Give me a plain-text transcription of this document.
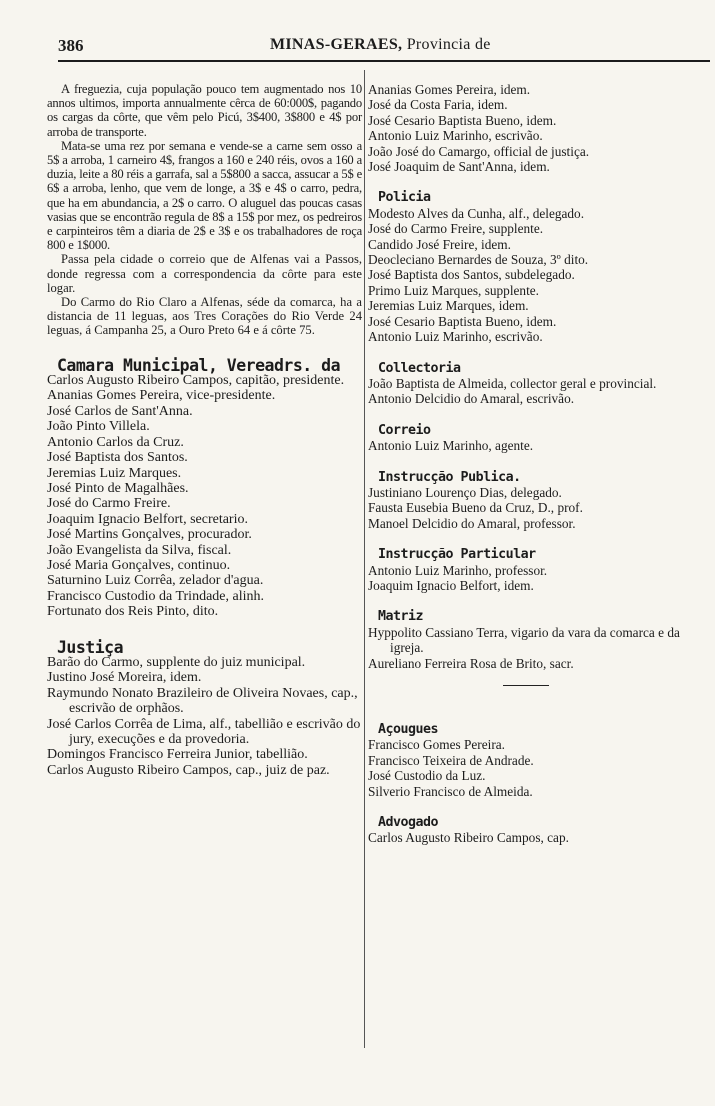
386	MINAS-GERAES, Provincia de

A freguezia, cuja população pouco tem augmentado nos 10 annos ultimos, importa annualmente cêrca de 60:000$, pagando os cargas da côrte, que vêm pelo Picú, 3$400, 3$800 e 4$ por arroba de transporte.

Mata-se uma rez por semana e vende-se a carne sem osso a 5$ a arroba, 1 carneiro 4$, frangos a 160 e 240 réis, ovos a 160 a duzia, leite a 80 réis a garrafa, sal a 5$800 a sacca, assucar a 5$ e 6$ a arroba, lenho, que vem de longe, a 3$ e 4$ o carro, pedra, que ha em abundancia, a 2$ o carro. O aluguel das poucas casas vasias que se encontrão regula de 8$ a 15$ por mez, os pedreiros e carpinteiros têm a diaria de 2$ e 3$ e os trabalhadores de roça 800 e 1$000.

Passa pela cidade o correio que de Alfenas vai a Passos, donde regressa com a correspondencia da côrte para este logar.

Do Carmo do Rio Claro a Alfenas, séde da comarca, ha a distancia de 11 leguas, aos Tres Corações do Rio Verde 24 leguas, á Campanha 25, a Ouro Preto 64 e á côrte 75.

Camara Municipal, Vereadrs. da
Carlos Augusto Ribeiro Campos, capitão, presidente.
Ananias Gomes Pereira, vice-presidente.
José Carlos de Sant'Anna.
João Pinto Villela.
Antonio Carlos da Cruz.
José Baptista dos Santos.
Jeremias Luiz Marques.
José Pinto de Magalhães.
José do Carmo Freire.
Joaquim Ignacio Belfort, secretario.
José Martins Gonçalves, procurador.
João Evangelista da Silva, fiscal.
José Maria Gonçalves, continuo.
Saturnino Luiz Corrêa, zelador d'agua.
Francisco Custodio da Trindade, alinh.
Fortunato dos Reis Pinto, dito.
Justiça
Barão do Carmo, supplente do juiz municipal.
Justino José Moreira, idem.
Raymundo Nonato Brazileiro de Oliveira Novaes, cap., escrivão de orphãos.
José Carlos Corrêa de Lima, alf., tabellião e escrivão do jury, execuções e da provedoria.
Domingos Francisco Ferreira Junior, tabellião.
Carlos Augusto Ribeiro Campos, cap., juiz de paz.
Ananias Gomes Pereira, idem.
José da Costa Faria, idem.
José Cesario Baptista Bueno, idem.
Antonio Luiz Marinho, escrivão.
João José do Camargo, official de justiça.
José Joaquim de Sant'Anna, idem.
Policia
Modesto Alves da Cunha, alf., delegado.
José do Carmo Freire, supplente.
Candido José Freire, idem.
Deocleciano Bernardes de Souza, 3º dito.
José Baptista dos Santos, subdelegado.
Primo Luiz Marques, supplente.
Jeremias Luiz Marques, idem.
José Cesario Baptista Bueno, idem.
Antonio Luiz Marinho, escrivão.
Collectoria
João Baptista de Almeida, collector geral e provincial.
Antonio Delcidio do Amaral, escrivão.
Correio
Antonio Luiz Marinho, agente.
Instrucção Publica.
Justiniano Lourenço Dias, delegado.
Fausta Eusebia Bueno da Cruz, D., prof.
Manoel Delcidio do Amaral, professor.
Instrucção Particular
Antonio Luiz Marinho, professor.
Joaquim Ignacio Belfort, idem.
Matriz
Hyppolito Cassiano Terra, vigario da vara da comarca e da igreja.
Aureliano Ferreira Rosa de Brito, sacr.
Açougues
Francisco Gomes Pereira.
Francisco Teixeira de Andrade.
José Custodio da Luz.
Silverio Francisco de Almeida.
Advogado
Carlos Augusto Ribeiro Campos, cap.
